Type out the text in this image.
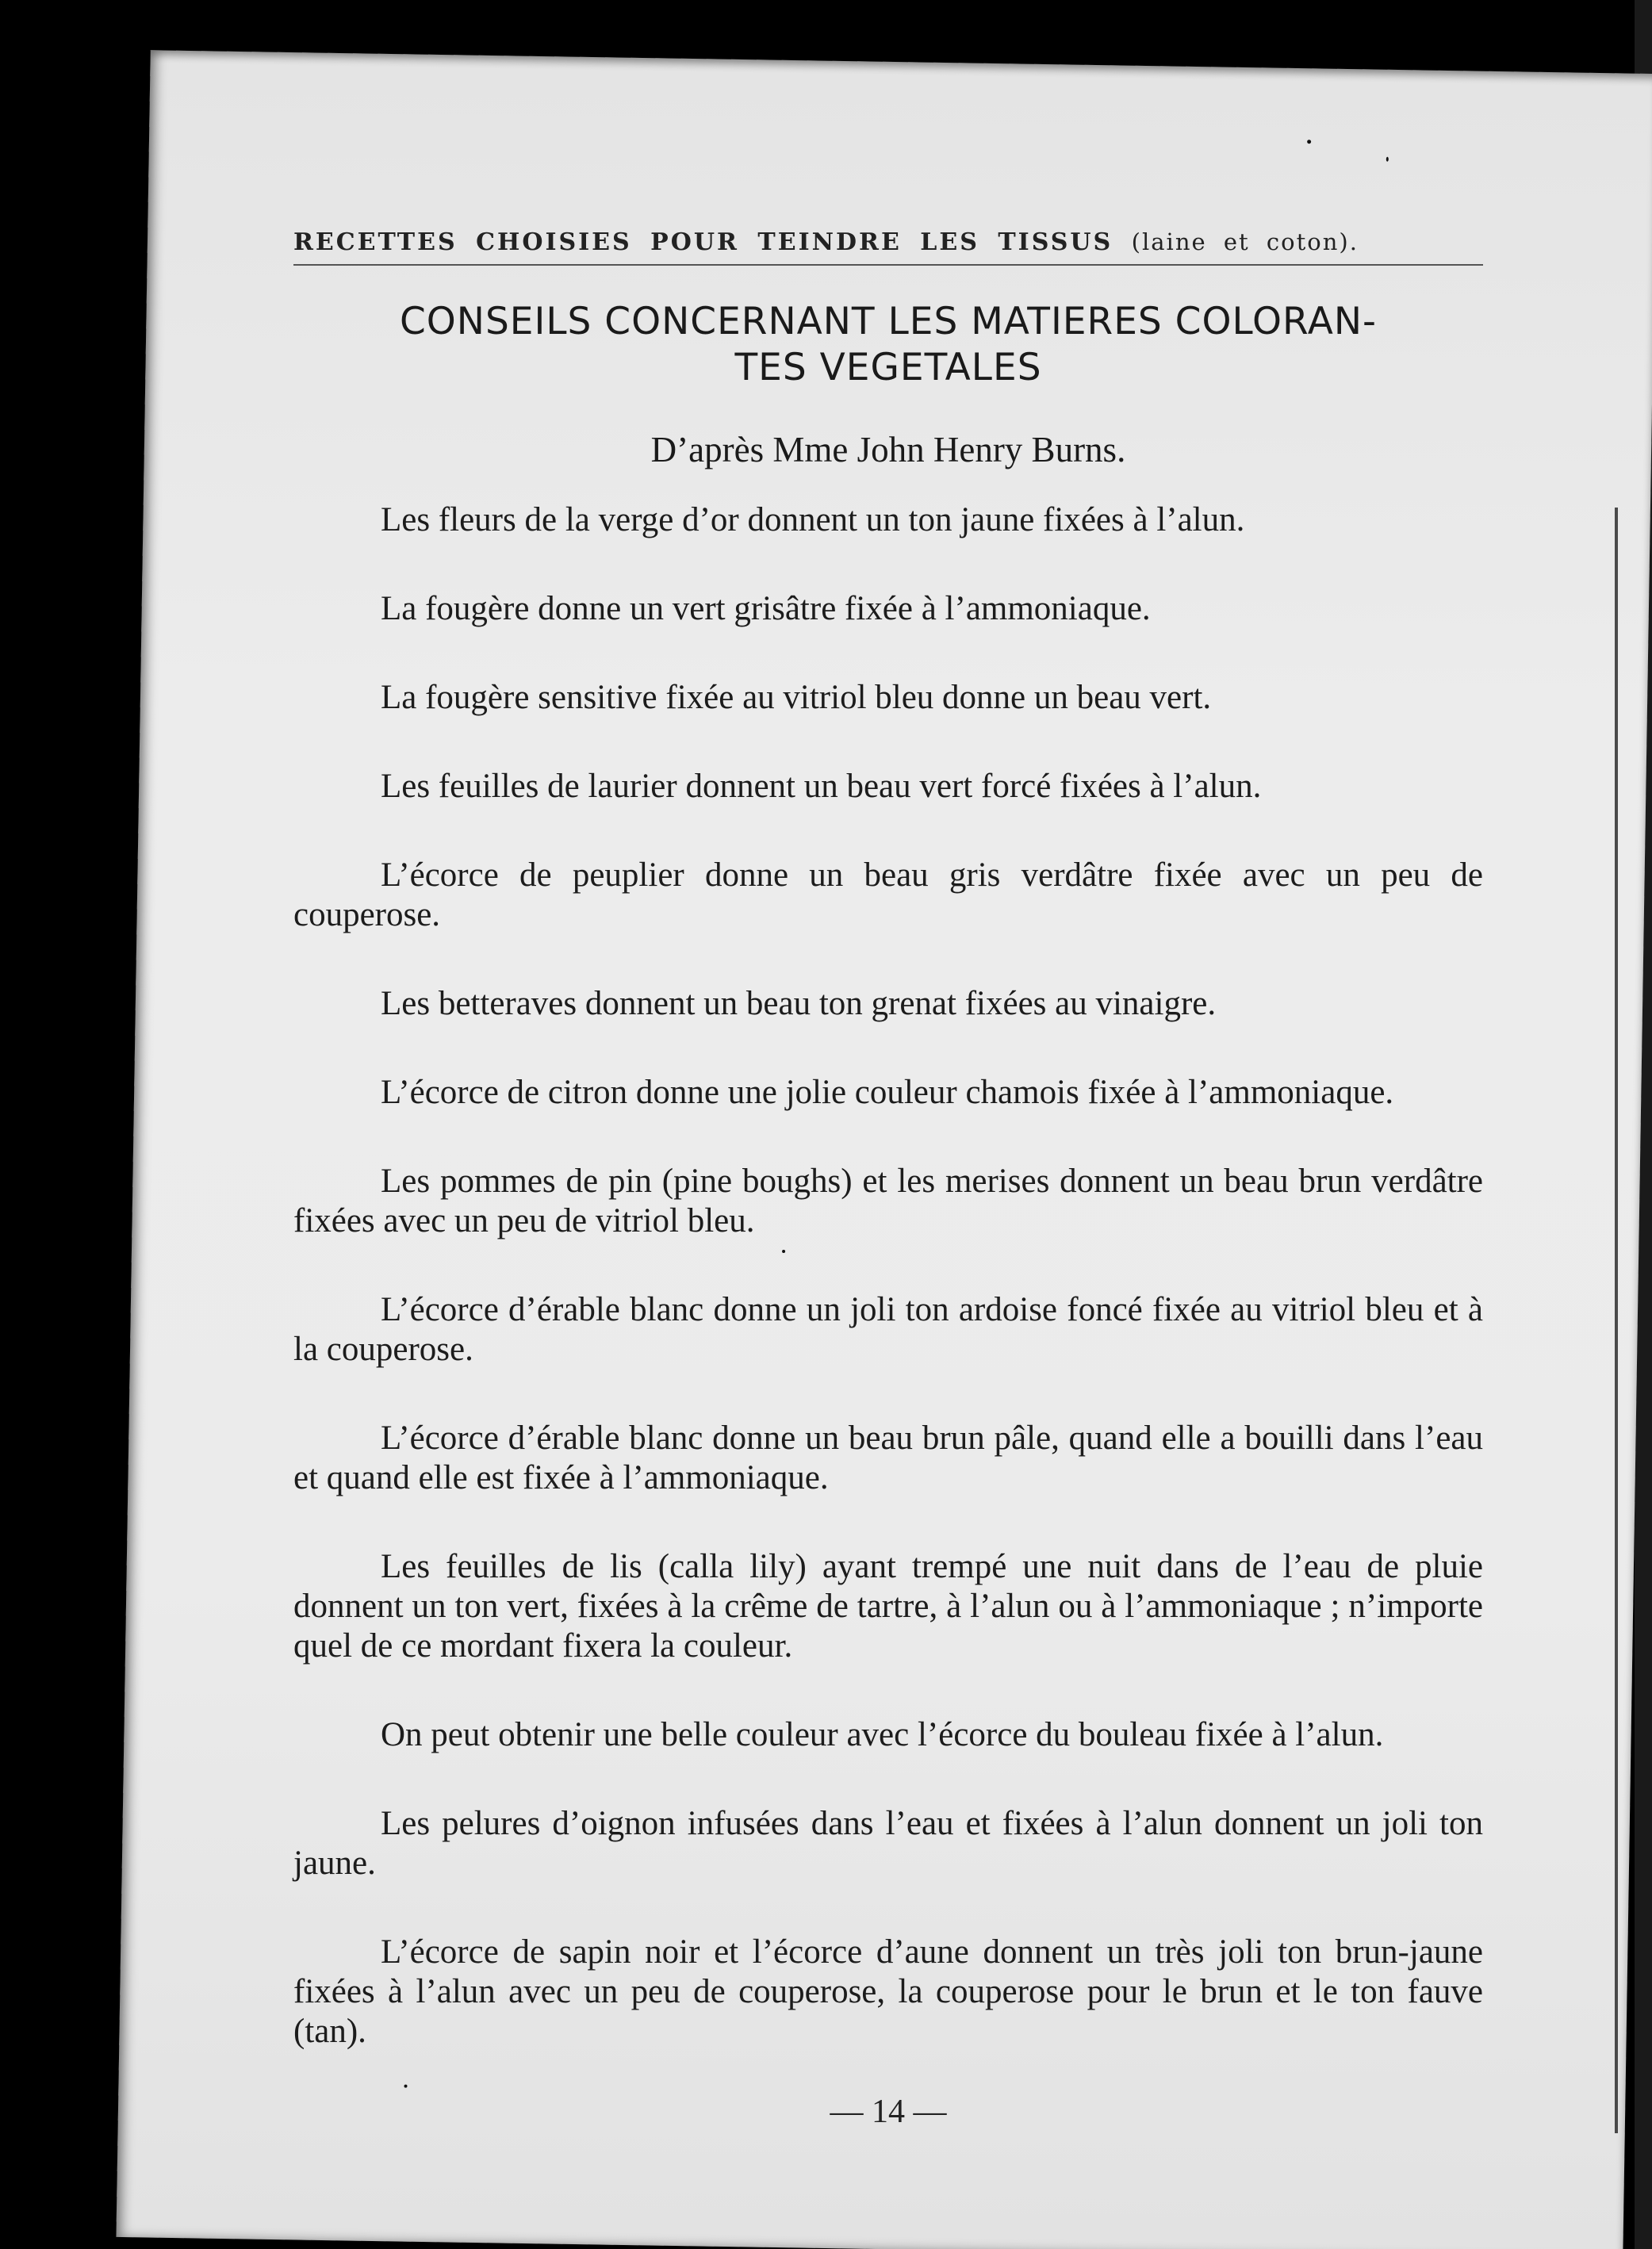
RECETTES CHOISIES POUR TEINDRE LES TISSUS (laine et coton).
CONSEILS CONCERNANT LES MATIERES COLORAN-
TES VEGETALES
D’après Mme John Henry Burns.

Les fleurs de la verge d’or donnent un ton jaune fixées à l’alun.

La fougère donne un vert grisâtre fixée à l’ammoniaque.

La fougère sensitive fixée au vitriol bleu donne un beau vert.

Les feuilles de laurier donnent un beau vert forcé fixées à l’alun.

L’écorce de peuplier donne un beau gris verdâtre fixée avec un peu de couperose.

Les betteraves donnent un beau ton grenat fixées au vinaigre.

L’écorce de citron donne une jolie couleur chamois fixée à l’ammoniaque.

Les pommes de pin (pine boughs) et les merises donnent un beau brun verdâtre fixées avec un peu de vitriol bleu.

L’écorce d’érable blanc donne un joli ton ardoise foncé fixée au vitriol bleu et à la couperose.

L’écorce d’érable blanc donne un beau brun pâle, quand elle a bouilli dans l’eau et quand elle est fixée à l’ammoniaque.

Les feuilles de lis (calla lily) ayant trempé une nuit dans de l’eau de pluie donnent un ton vert, fixées à la crême de tartre, à l’alun ou à l’ammoniaque ; n’importe quel de ce mordant fixera la couleur.

On peut obtenir une belle couleur avec l’écorce du bouleau fixée à l’alun.

Les pelures d’oignon infusées dans l’eau et fixées à l’alun donnent un joli ton jaune.

L’écorce de sapin noir et l’écorce d’aune donnent un très joli ton brun-jaune fixées à l’alun avec un peu de couperose, la couperose pour le brun et le ton fauve (tan).

— 14 —
